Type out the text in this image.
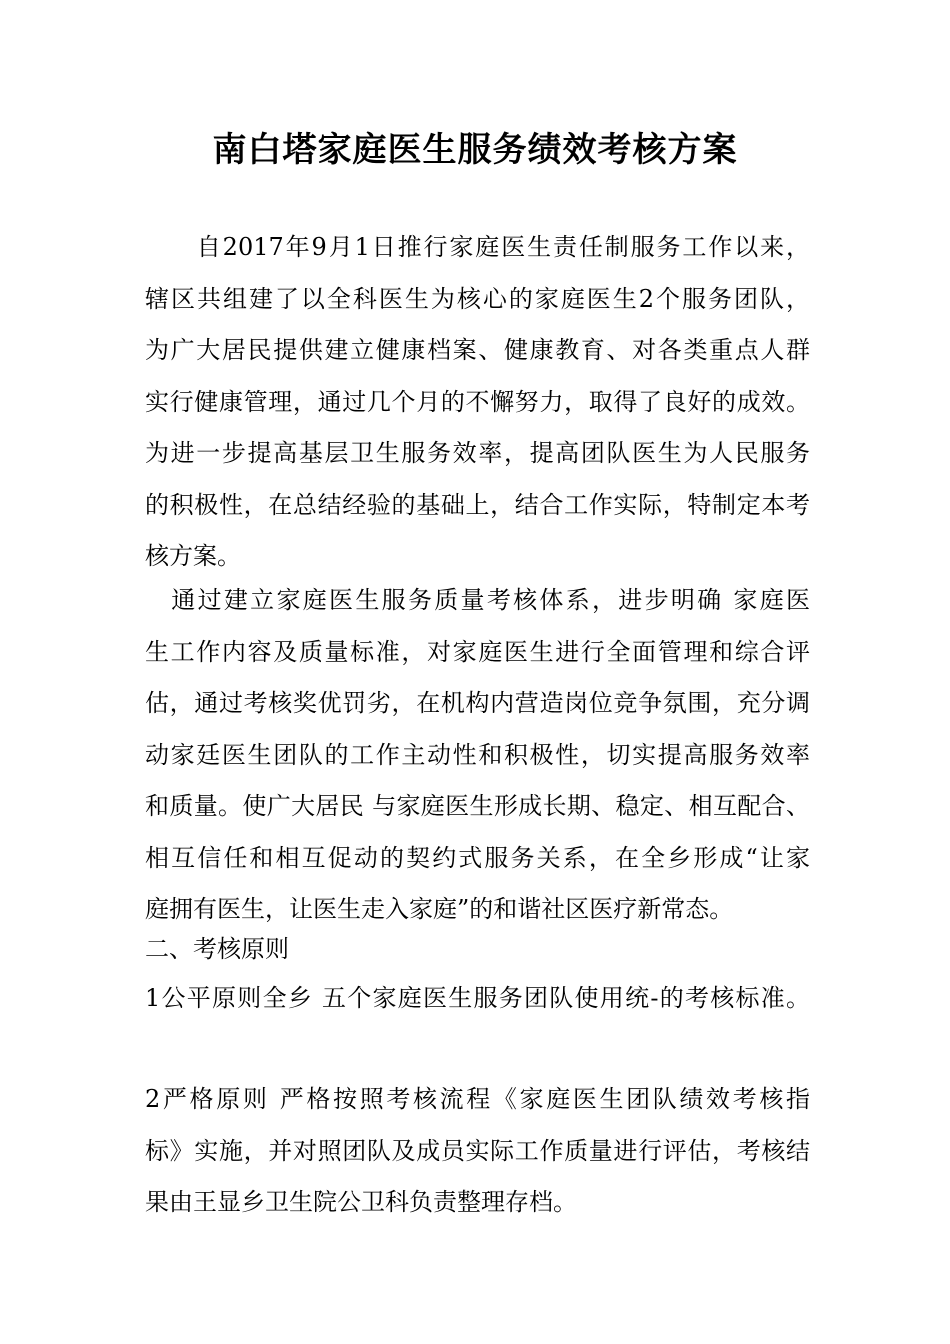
南白塔家庭医生服务绩效考核方案
　　自2017年9月1日推行家庭医生责任制服务工作以来，
辖区共组建了以全科医生为核心的家庭医生2个服务团队，
为广大居民提供建立健康档案、健康教育、对各类重点人群
实行健康管理，通过几个月的不懈努力，取得了良好的成效。
为进一步提高基层卫生服务效率，提高团队医生为人民服务
的积极性，在总结经验的基础上，结合工作实际，特制定本考
核方案。
　通过建立家庭医生服务质量考核体系，进步明确 家庭医
生工作内容及质量标准，对家庭医生进行全面管理和综合评
估，通过考核奖优罚劣，在机构内营造岗位竞争氛围，充分调
动家廷医生团队的工作主动性和积极性，切实提高服务效率
和质量。使广大居民 与家庭医生形成长期、稳定、相互配合、
相互信任和相互促动的契约式服务关系，在全乡形成“让家
庭拥有医生，让医生走入家庭”的和谐社区医疗新常态。
二、考核原则
1公平原则全乡 五个家庭医生服务团队使用统-的考核标准。
2严格原则 严格按照考核流程《家庭医生团队绩效考核指
标》实施，并对照团队及成员实际工作质量进行评估，考核结
果由王显乡卫生院公卫科负责整理存档。
